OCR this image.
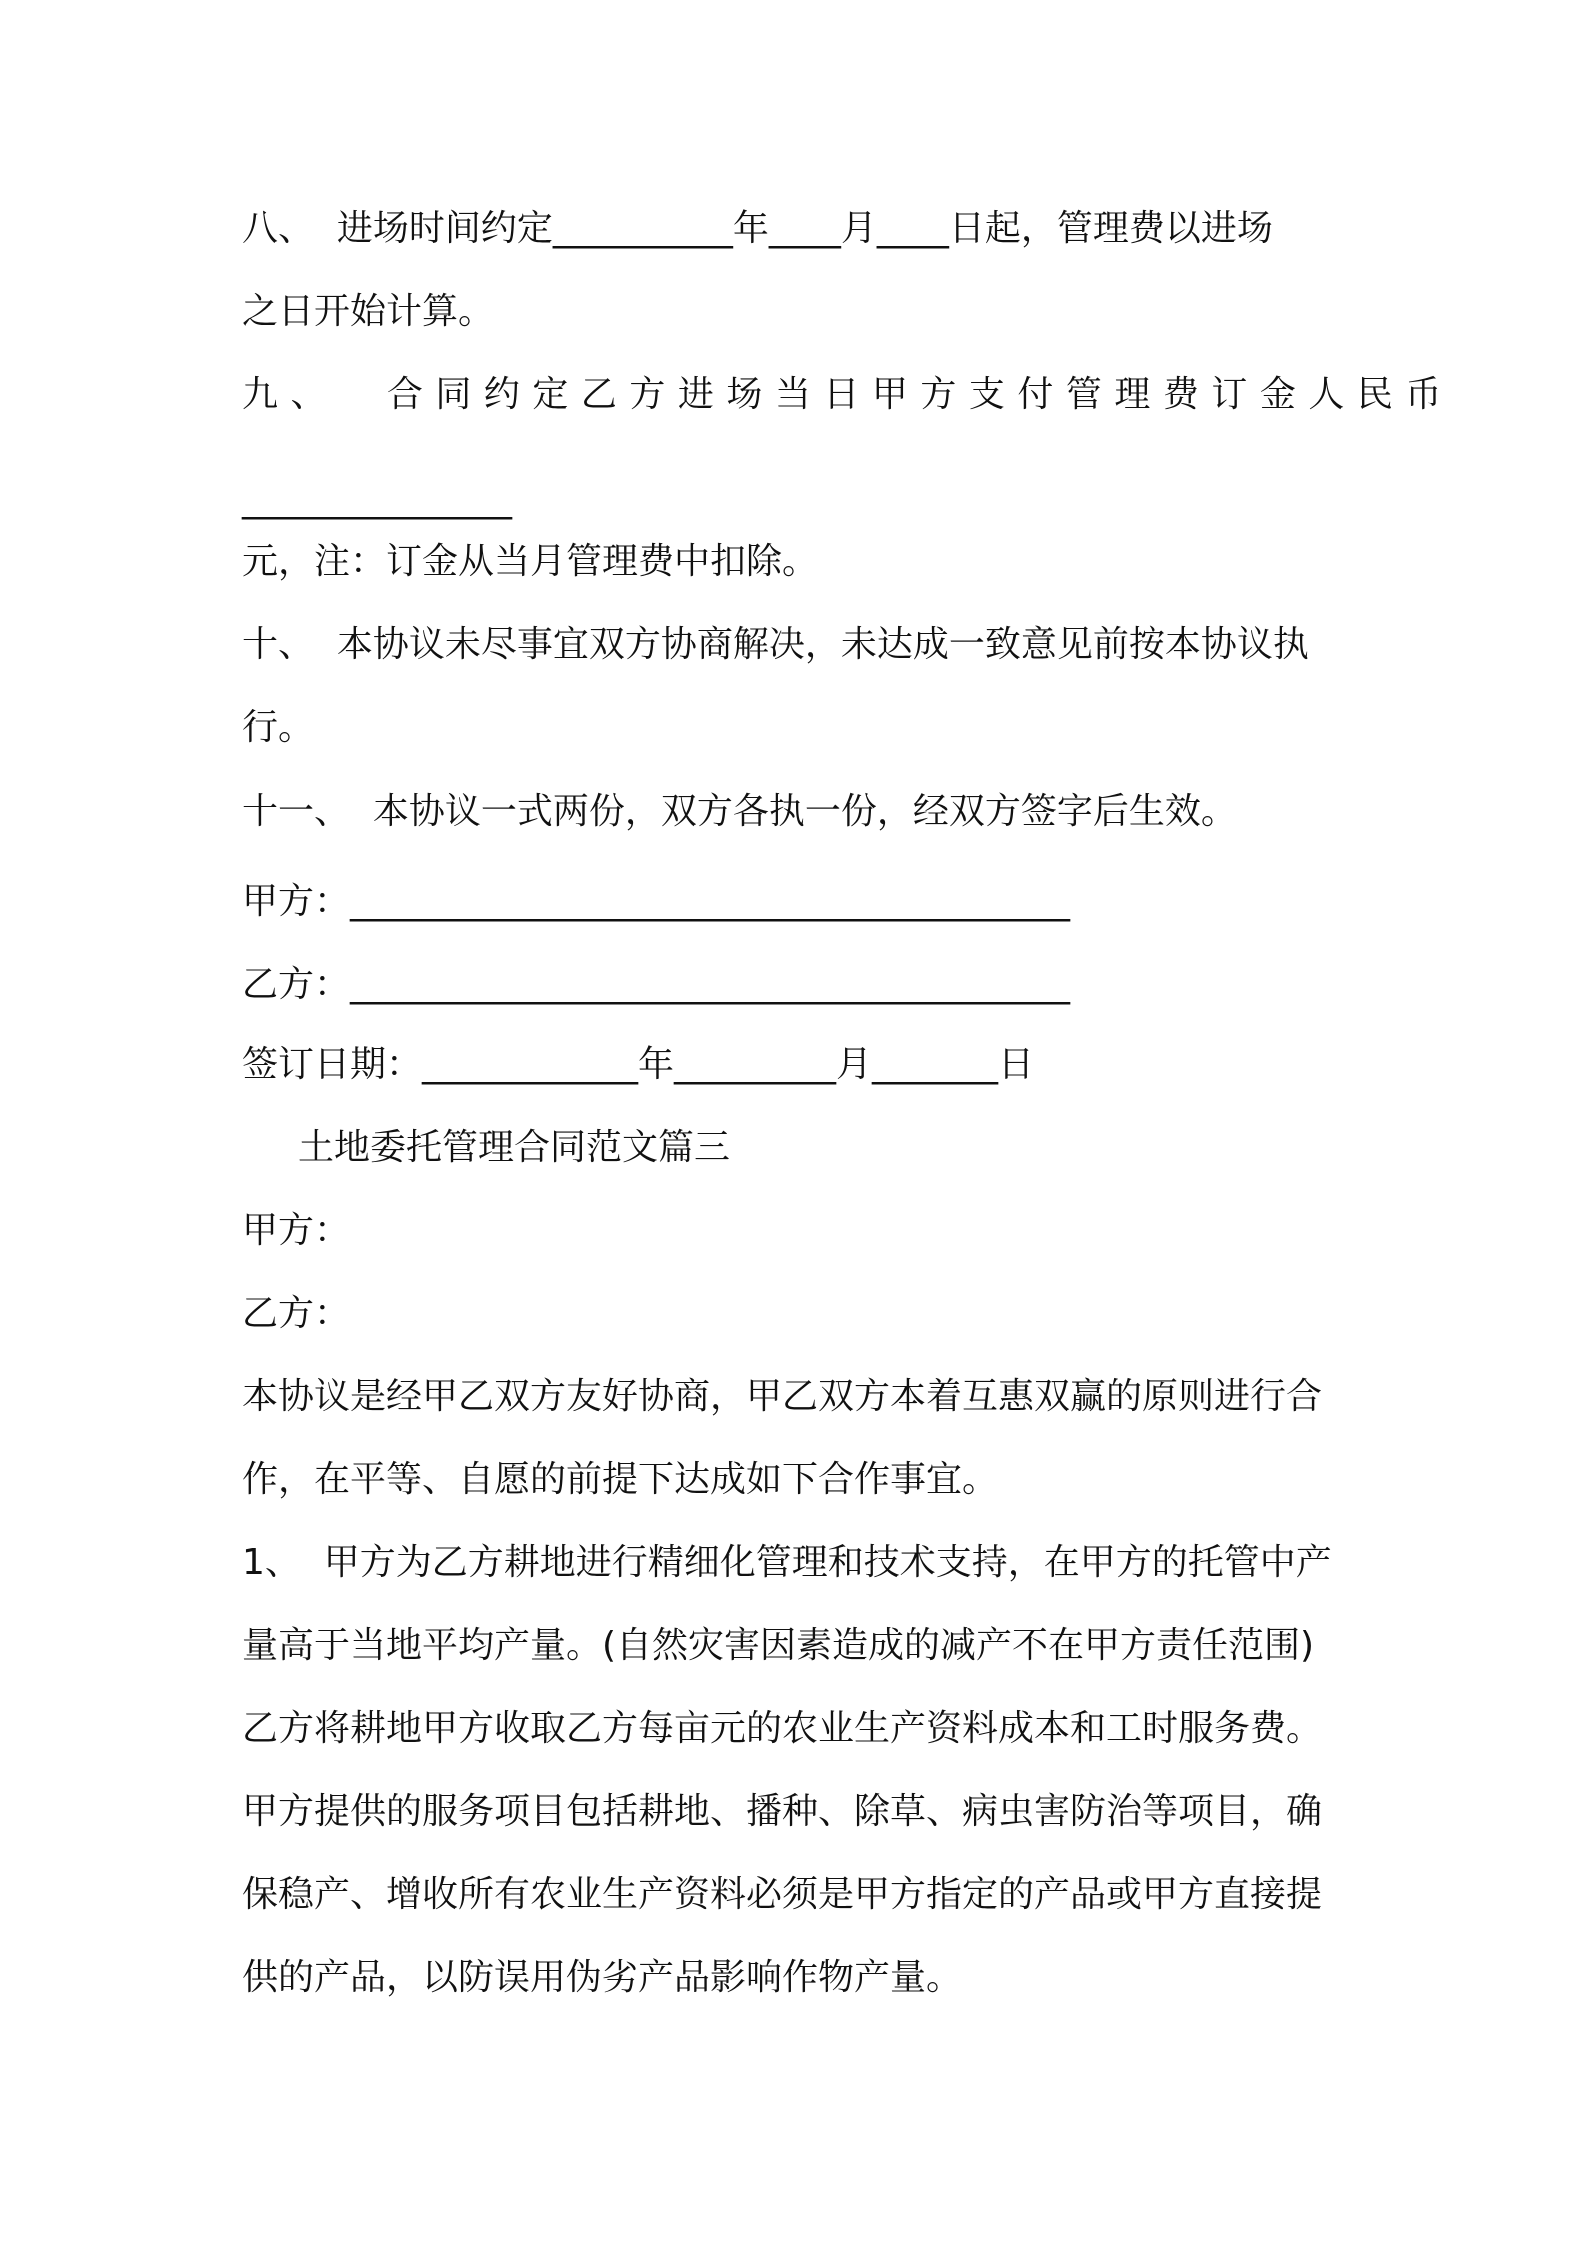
八、  进场时间约定__________年____月____日起，管理费以进场

之日开始计算。

九、  合同约定乙方进场当日甲方支付管理费订金人民币

_______________

元，注：订金从当月管理费中扣除。

十、  本协议未尽事宜双方协商解决，未达成一致意见前按本协议执

行。

十一、  本协议一式两份，双方各执一份，经双方签字后生效。

甲方：________________________________________

乙方：________________________________________

签订日期：____________年_________月_______日

土地委托管理合同范文篇三

甲方：

乙方：

本协议是经甲乙双方友好协商，甲乙双方本着互惠双赢的原则进行合

作，在平等、自愿的前提下达成如下合作事宜。

1、  甲方为乙方耕地进行精细化管理和技术支持，在甲方的托管中产

量高于当地平均产量。(自然灾害因素造成的减产不在甲方责任范围)

乙方将耕地甲方收取乙方每亩元的农业生产资料成本和工时服务费。

甲方提供的服务项目包括耕地、播种、除草、病虫害防治等项目，确

保稳产、增收所有农业生产资料必须是甲方指定的产品或甲方直接提

供的产品，以防误用伪劣产品影响作物产量。
